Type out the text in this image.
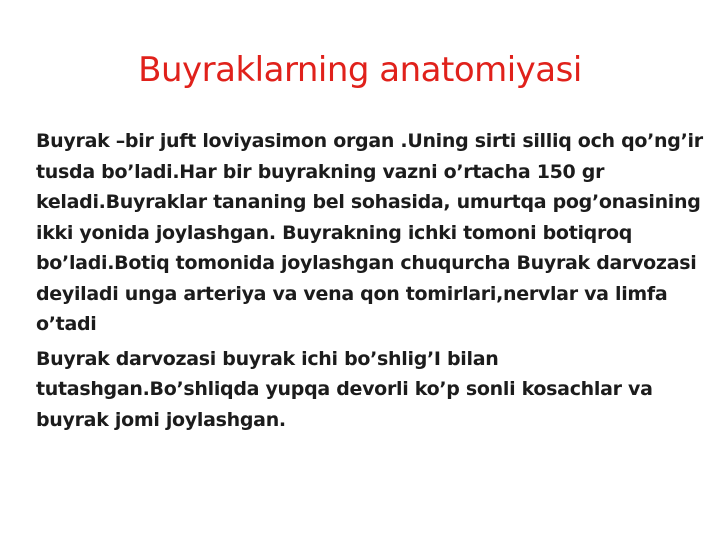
Buyraklarning anatomiyasi

Buyrak –bir juft loviyasimon organ .Uning sirti silliq och qo’ng’ir tusda bo’ladi.Har bir buyrakning vazni o’rtacha 150 gr keladi.Buyraklar tananing bel sohasida, umurtqa pog’onasining ikki yonida joylashgan. Buyrakning ichki tomoni botiqroq bo’ladi.Botiq tomonida joylashgan chuqurcha Buyrak darvozasi deyiladi unga arteriya va vena qon tomirlari,nervlar va limfa o’tadi

Buyrak darvozasi buyrak ichi bo’shlig’I bilan tutashgan.Bo’shliqda yupqa devorli ko’p sonli kosachlar va buyrak jomi joylashgan.
